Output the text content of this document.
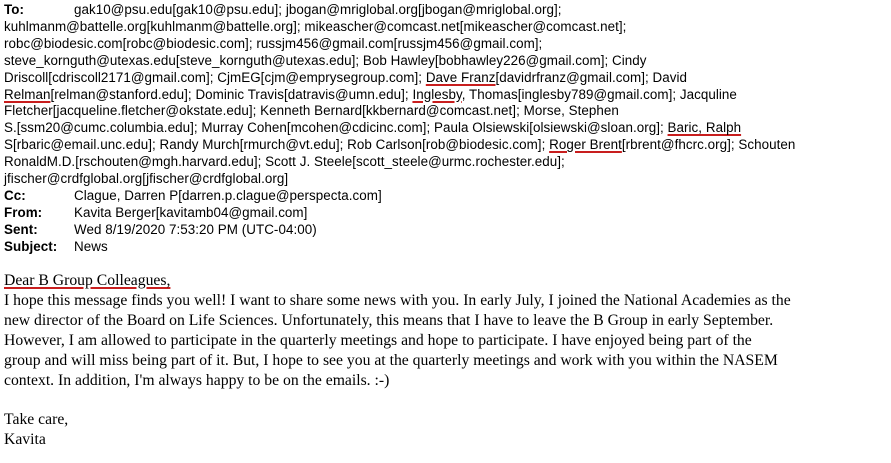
To:	gak10@psu.edu[gak10@psu.edu]; jbogan@mriglobal.org[jbogan@mriglobal.org];
kuhlmanm@battelle.org[kuhlmanm@battelle.org]; mikeascher@comcast.net[mikeascher@comcast.net];
robc@biodesic.com[robc@biodesic.com]; russjm456@gmail.com[russjm456@gmail.com];
steve_kornguth@utexas.edu[steve_kornguth@utexas.edu]; Bob Hawley[bobhawley226@gmail.com]; Cindy
Driscoll[cdriscoll2171@gmail.com]; CjmEG[cjm@emprysegroup.com]; Dave Franz[davidrfranz@gmail.com]; David
Relman[relman@stanford.edu]; Dominic Travis[datravis@umn.edu]; Inglesby, Thomas[inglesby789@gmail.com]; Jacquline
Fletcher[jacqueline.fletcher@okstate.edu]; Kenneth Bernard[kkbernard@comcast.net]; Morse, Stephen
S.[ssm20@cumc.columbia.edu]; Murray Cohen[mcohen@cdicinc.com]; Paula Olsiewski[olsiewski@sloan.org]; Baric, Ralph
S[rbaric@email.unc.edu]; Randy Murch[rmurch@vt.edu]; Rob Carlson[rob@biodesic.com]; Roger Brent[rbrent@fhcrc.org]; Schouten
RonaldM.D.[rschouten@mgh.harvard.edu]; Scott J. Steele[scott_steele@urmc.rochester.edu];
jfischer@crdfglobal.org[jfischer@crdfglobal.org]
Cc:	Clague, Darren P[darren.p.clague@perspecta.com]
From:	Kavita Berger[kavitamb04@gmail.com]
Sent:	Wed 8/19/2020 7:53:20 PM (UTC-04:00)
Subject:	News

Dear B Group Colleagues,

I hope this message finds you well! I want to share some news with you. In early July, I joined the National Academies as the

new director of the Board on Life Sciences. Unfortunately, this means that I have to leave the B Group in early September.

However, I am allowed to participate in the quarterly meetings and hope to participate. I have enjoyed being part of the

group and will miss being part of it. But, I hope to see you at the quarterly meetings and work with you within the NASEM

context. In addition, I'm always happy to be on the emails. :-)

Take care,

Kavita
